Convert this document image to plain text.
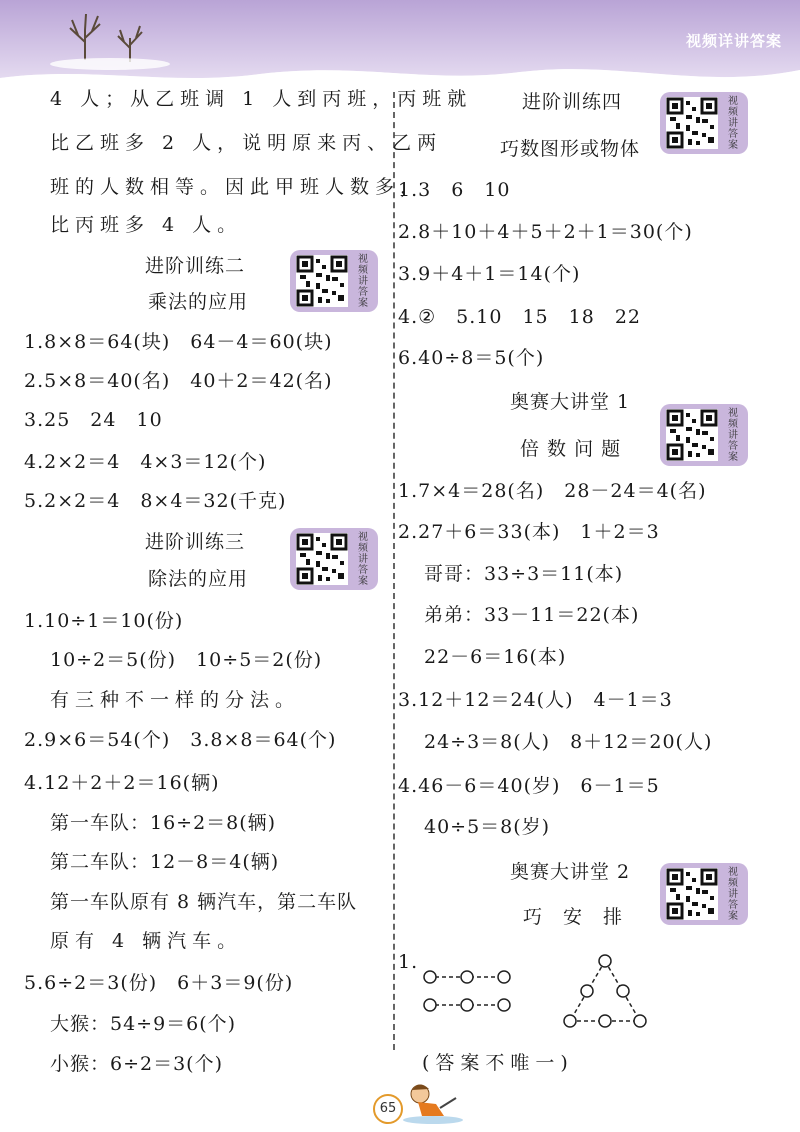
视频详讲答案
4 人；从乙班调 1 人到丙班，丙班就
比乙班多 2 人，说明原来丙、乙两
班的人数相等。因此甲班人数多，
比丙班多 4 人。
进阶训练二
乘法的应用
视
频
讲
答
案
1.8×8＝64(块)　64－4＝60(块)
2.5×8＝40(名)　40＋2＝42(名)
3.25　24　10
4.2×2＝4　4×3＝12(个)
5.2×2＝4　8×4＝32(千克)
进阶训练三
除法的应用
视
频
讲
答
案
1.10÷1＝10(份)
10÷2＝5(份)　10÷5＝2(份)
有三种不一样的分法。
2.9×6＝54(个)　3.8×8＝64(个)
4.12＋2＋2＝16(辆)
第一车队：16÷2＝8(辆)
第二车队：12－8＝4(辆)
第一车队原有 8 辆汽车，第二车队
原有 4 辆汽车。
5.6÷2＝3(份)　6＋3＝9(份)
大猴：54÷9＝6(个)
小猴：6÷2＝3(个)
进阶训练四
巧数图形或物体
视
频
讲
答
案
1.3　6　10
2.8＋10＋4＋5＋2＋1＝30(个)
3.9＋4＋1＝14(个)
4.②　5.10　15　18　22
6.40÷8＝5(个)
奥赛大讲堂 1
倍 数 问 题
视
频
讲
答
案
1.7×4＝28(名)　28－24＝4(名)
2.27＋6＝33(本)　1＋2＝3
哥哥：33÷3＝11(本)
弟弟：33－11＝22(本)
22－6＝16(本)
3.12＋12＝24(人)　4－1＝3
24÷3＝8(人)　8＋12＝20(人)
4.46－6＝40(岁)　6－1＝5
40÷5＝8(岁)
奥赛大讲堂 2
巧　安　排
视
频
讲
答
案
1.
(答案不唯一)
65
